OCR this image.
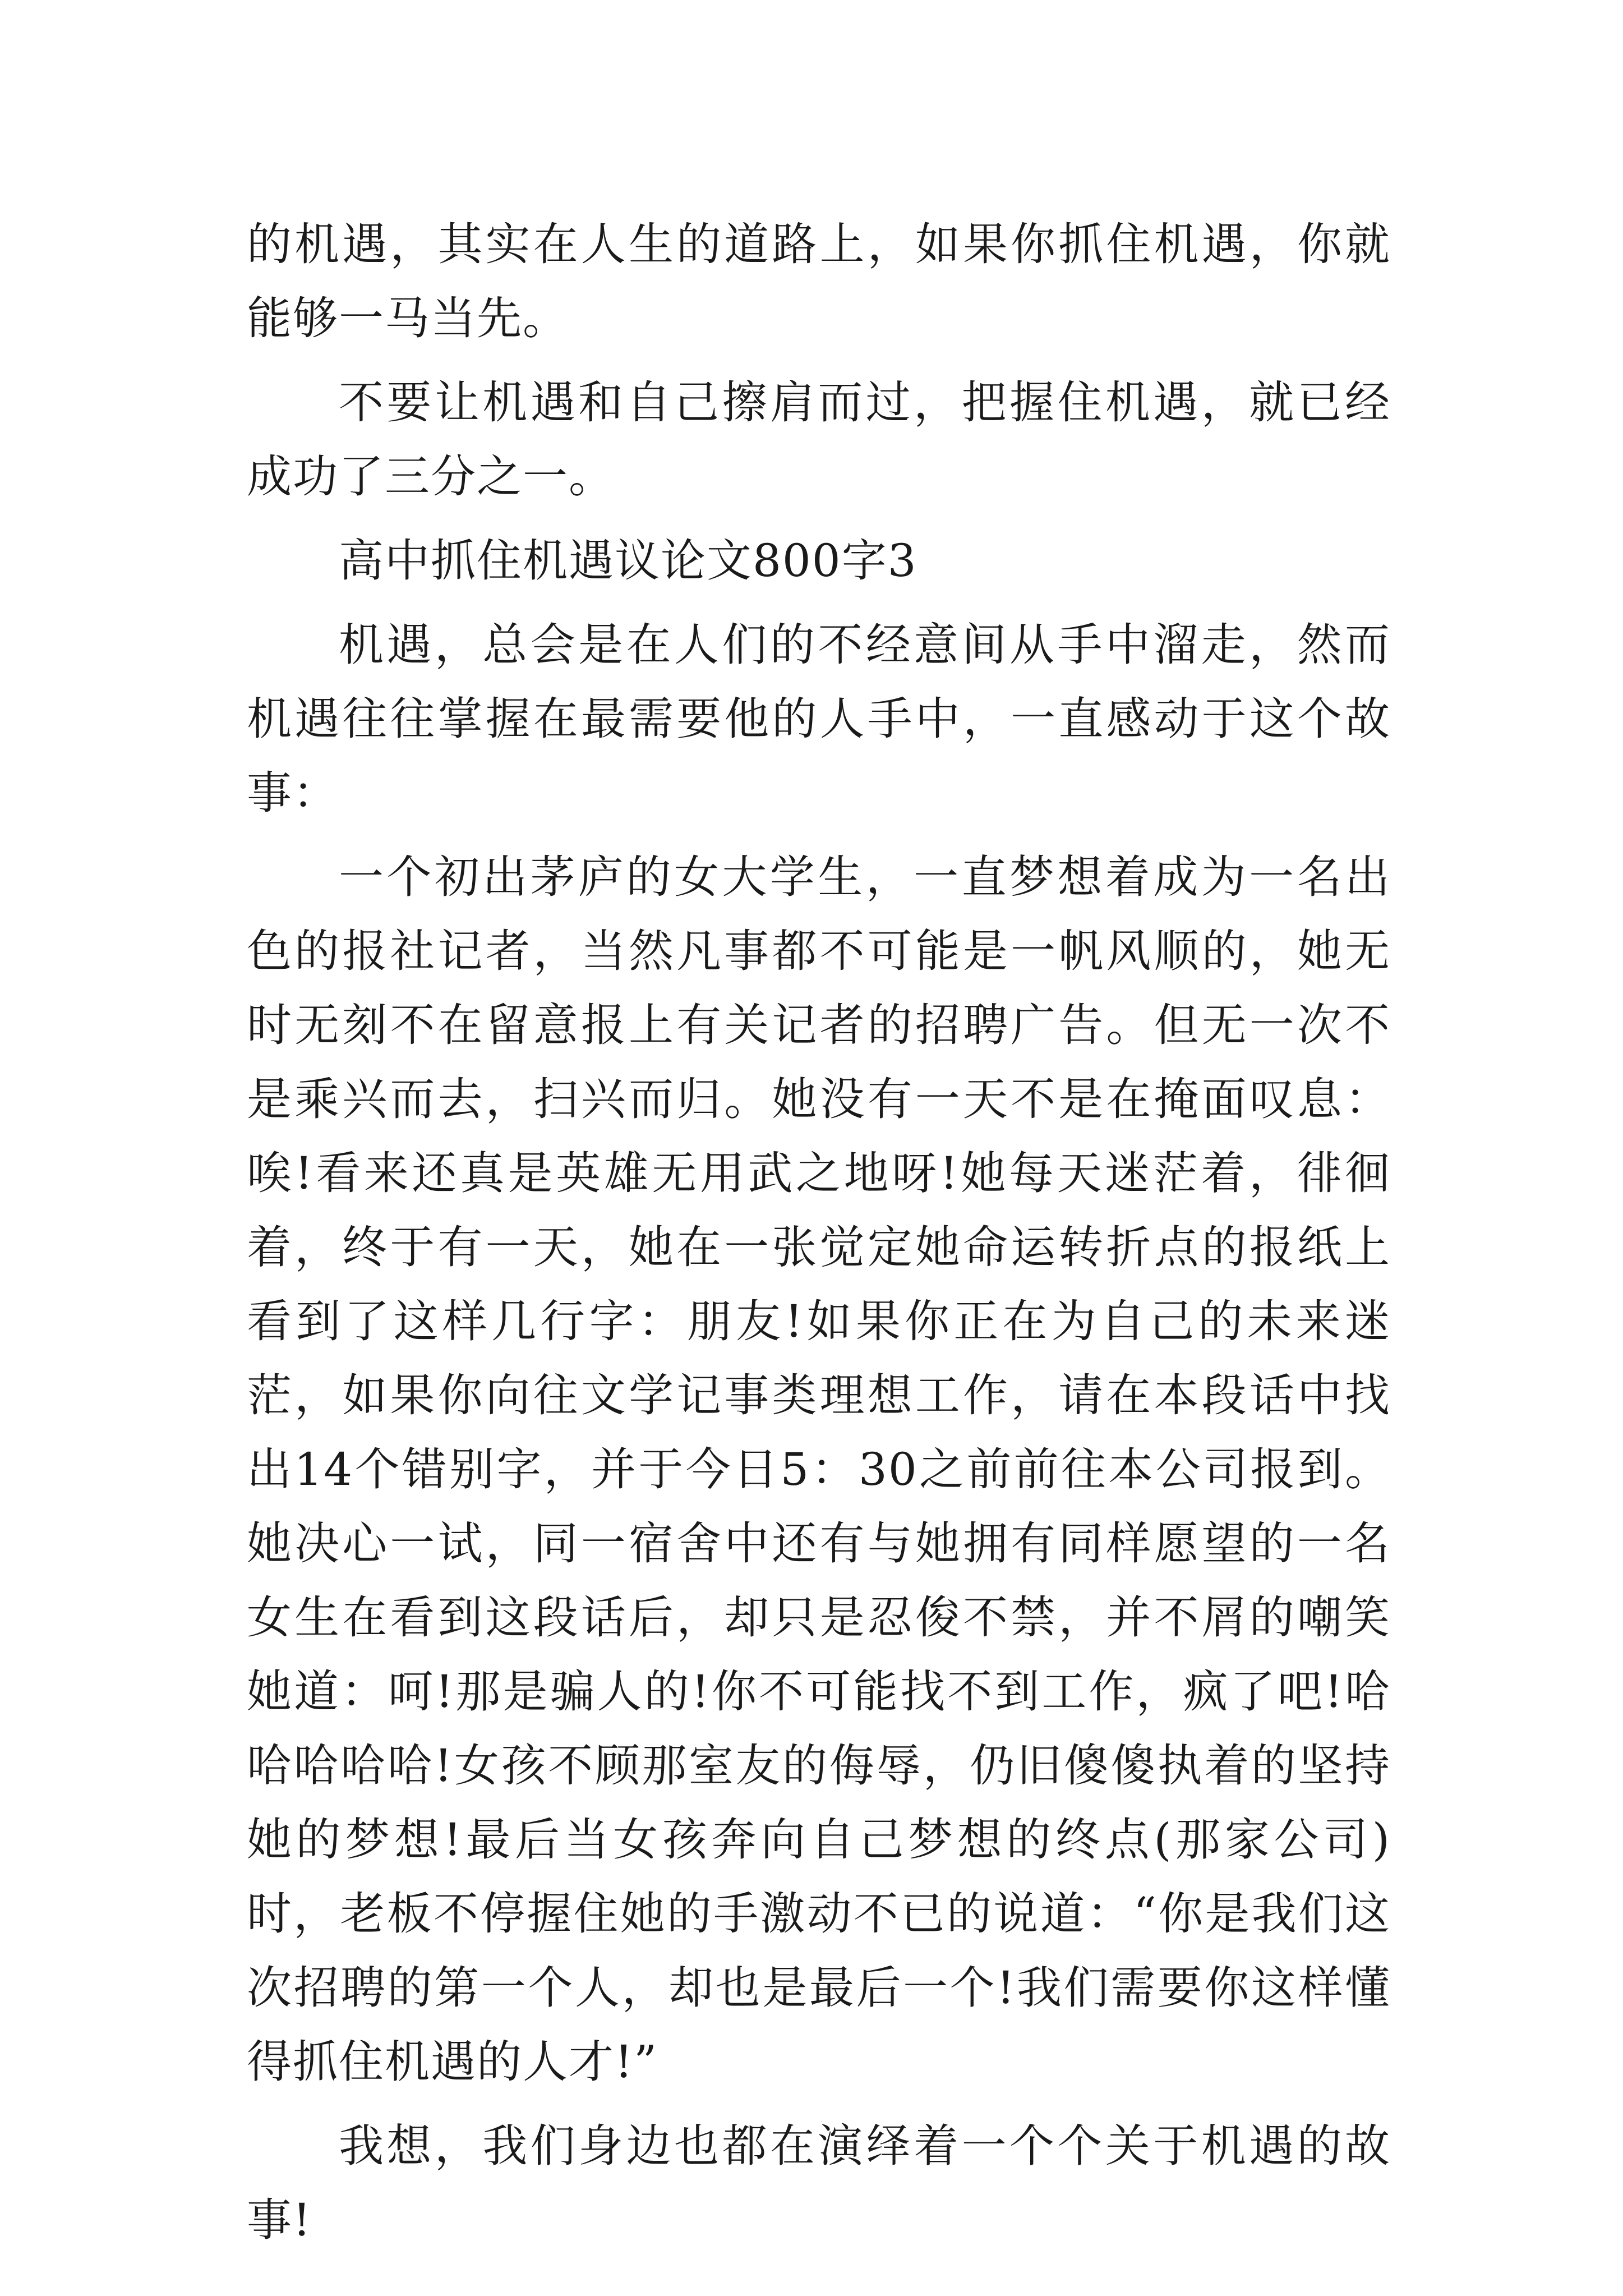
的机遇，其实在人生的道路上，如果你抓住机遇，你就能够一马当先。

不要让机遇和自己擦肩而过，把握住机遇，就已经成功了三分之一。

高中抓住机遇议论文800字3

机遇，总会是在人们的不经意间从手中溜走，然而机遇往往掌握在最需要他的人手中，一直感动于这个故事：

一个初出茅庐的女大学生，一直梦想着成为一名出色的报社记者，当然凡事都不可能是一帆风顺的，她无时无刻不在留意报上有关记者的招聘广告。但无一次不是乘兴而去，扫兴而归。她没有一天不是在掩面叹息：唉!看来还真是英雄无用武之地呀!她每天迷茫着，徘徊着，终于有一天，她在一张觉定她命运转折点的报纸上看到了这样几行字：朋友!如果你正在为自己的未来迷茫，如果你向往文学记事类理想工作，请在本段话中找出14个错别字，并于今日5：30之前前往本公司报到。她决心一试，同一宿舍中还有与她拥有同样愿望的一名女生在看到这段话后，却只是忍俊不禁，并不屑的嘲笑她道：呵!那是骗人的!你不可能找不到工作，疯了吧!哈哈哈哈哈!女孩不顾那室友的侮辱，仍旧傻傻执着的坚持她的梦想!最后当女孩奔向自己梦想的终点(那家公司)时，老板不停握住她的手激动不已的说道：“你是我们这次招聘的第一个人，却也是最后一个!我们需要你这样懂得抓住机遇的人才!”

我想，我们身边也都在演绎着一个个关于机遇的故事!
